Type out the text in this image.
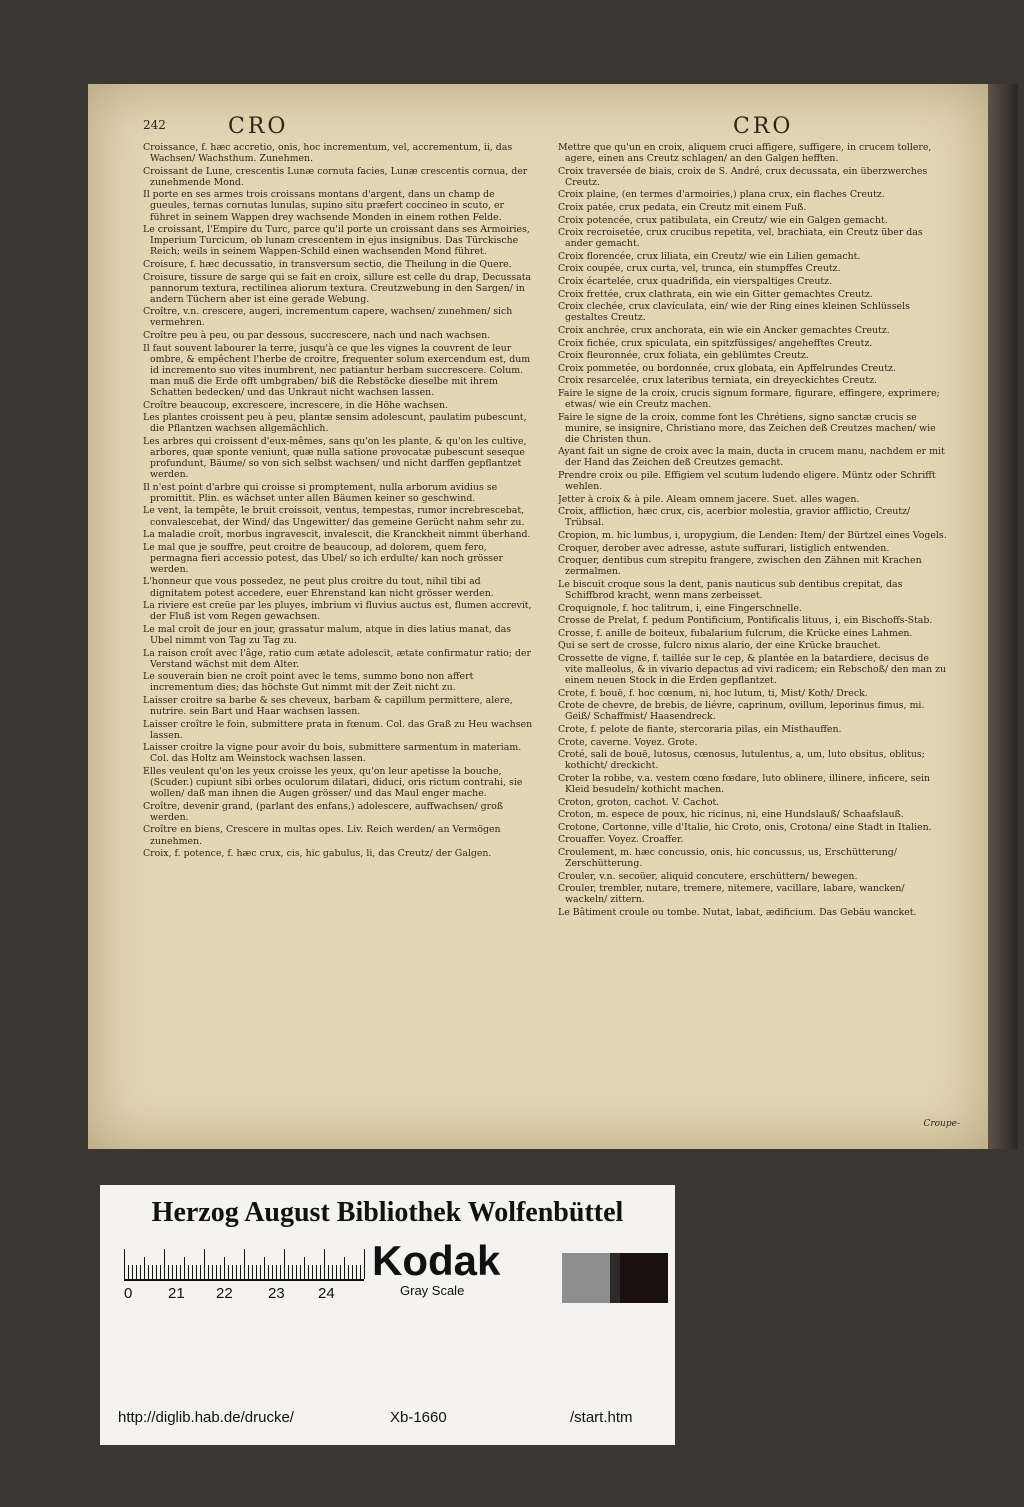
242	CRO	CRO

Croissance, f. hæc accretio, onis, hoc incrementum, vel, accrementum, ii, das Wachsen/ Wachsthum. Zunehmen.

Croissant de Lune, crescentis Lunæ cornuta facies, Lunæ crescentis cornua, der zunehmende Mond.

Il porte en ses armes trois croissans montans d'argent, dans un champ de gueules, ternas cornutas lunulas, supino situ præfert coccineo in scuto, er führet in seinem Wappen drey wachsende Monden in einem rothen Felde.

Le croissant, l'Empire du Turc, parce qu'il porte un croissant dans ses Armoiries, Imperium Turcicum, ob lunam crescentem in ejus insignibus. Das Türckische Reich; weils in seinem Wappen-Schild einen wachsenden Mond führet.

Croisure, f. hæc decussatio, in transversum sectio, die Theilung in die Quere.

Croisure, tissure de sarge qui se fait en croix, sillure est celle du drap, Decussata pannorum textura, rectilinea aliorum textura. Creutzwebung in den Sargen/ in andern Tüchern aber ist eine gerade Webung.

Croître, v.n. crescere, augeri, incrementum capere, wachsen/ zunehmen/ sich vermehren.

Croître peu à peu, ou par dessous, succrescere, nach und nach wachsen.

Il faut souvent labourer la terre, jusqu'à ce que les vignes la couvrent de leur ombre, & empêchent l'herbe de croitre, frequenter solum exercendum est, dum id incremento suo vites inumbrent, nec patiantur herbam succrescere. Colum. man muß die Erde offt umbgraben/ biß die Rebstöcke dieselbe mit ihrem Schatten bedecken/ und das Unkraut nicht wachsen lassen.

Croître beaucoup, excrescere, increscere, in die Höhe wachsen.

Les plantes croissent peu à peu, plantæ sensim adolescunt, paulatim pubescunt, die Pflantzen wachsen allgemächlich.

Les arbres qui croissent d'eux-mêmes, sans qu'on les plante, & qu'on les cultive, arbores, quæ sponte veniunt, quæ nulla satione provocatæ pubescunt seseque profundunt, Bäume/ so von sich selbst wachsen/ und nicht darffen gepflantzet werden.

Il n'est point d'arbre qui croisse si promptement, nulla arborum avidius se promittit. Plin. es wächset unter allen Bäumen keiner so geschwind.

Le vent, la tempête, le bruit croissoit, ventus, tempestas, rumor increbrescebat, convalescebat, der Wind/ das Ungewitter/ das gemeine Gerücht nahm sehr zu.

La maladie croît, morbus ingravescit, invalescit, die Kranckheit nimmt überhand.

Le mal que je souffre, peut croitre de beaucoup, ad dolorem, quem fero, permagna fieri accessio potest, das Ubel/ so ich erdulte/ kan noch grösser werden.

L'honneur que vous possedez, ne peut plus croitre du tout, nihil tibi ad dignitatem potest accedere, euer Ehrenstand kan nicht grösser werden.

La riviere est creüe par les pluyes, imbrium vi fluvius auctus est, flumen accrevit, der Fluß ist vom Regen gewachsen.

Le mal croît de jour en jour, grassatur malum, atque in dies latius manat, das Ubel nimmt von Tag zu Tag zu.

La raison croît avec l'âge, ratio cum ætate adolescit, ætate confirmatur ratio; der Verstand wächst mit dem Alter.

Le souverain bien ne croît point avec le tems, summo bono non affert incrementum dies; das höchste Gut nimmt mit der Zeit nicht zu.

Laisser croitre sa barbe & ses cheveux, barbam & capillum permittere, alere, nutrire. sein Bart und Haar wachsen lassen.

Laisser croître le foin, submittere prata in fœnum. Col. das Graß zu Heu wachsen lassen.

Laisser croitre la vigne pour avoir du bois, submittere sarmentum in materiam. Col. das Holtz am Weinstock wachsen lassen.

Elles veulent qu'on les yeux croisse les yeux, qu'on leur apetisse la bouche, (Scuder.) cupiunt sibi orbes oculorum dilatari, diduci, oris rictum contrahi, sie wollen/ daß man ihnen die Augen grösser/ und das Maul enger mache.

Croître, devenir grand, (parlant des enfans,) adolescere, auffwachsen/ groß werden.

Croître en biens, Crescere in multas opes. Liv. Reich werden/ an Vermögen zunehmen.

Croix, f. potence, f. hæc crux, cis, hic gabulus, li, das Creutz/ der Galgen.

Mettre que qu'un en croix, aliquem cruci affigere, suffigere, in crucem tollere, agere, einen ans Creutz schlagen/ an den Galgen hefften.

Croix traversée de biais, croix de S. André, crux decussata, ein überzwerches Creutz.

Croix plaine, (en termes d'armoiries,) plana crux, ein flaches Creutz.

Croix patée, crux pedata, ein Creutz mit einem Fuß.

Croix potencée, crux patibulata, ein Creutz/ wie ein Galgen gemacht.

Croix recroisetée, crux crucibus repetita, vel, brachiata, ein Creutz über das ander gemacht.

Croix florencée, crux liliata, ein Creutz/ wie ein Lilien gemacht.

Croix coupée, crux curta, vel, trunca, ein stumpffes Creutz.

Croix écartelée, crux quadrifida, ein vierspaltiges Creutz.

Croix frettée, crux clathrata, ein wie ein Gitter gemachtes Creutz.

Croix clechée, crux clavículata, ein/ wie der Ring eines kleinen Schlüssels gestaltes Creutz.

Croix anchrée, crux anchorata, ein wie ein Ancker gemachtes Creutz.

Croix fichée, crux spiculata, ein spitzfüssiges/ angehefftes Creutz.

Croix fleuronnée, crux foliata, ein geblümtes Creutz.

Croix pommetée, ou bordonnée, crux globata, ein Apffelrundes Creutz.

Croix resarcelée, crux lateribus terniata, ein dreyeckichtes Creutz.

Faire le signe de la croix, crucis signum formare, figurare, effingere, exprimere; etwas/ wie ein Creutz machen.

Faire le signe de la croix, comme font les Chrétiens, signo sanctæ crucis se munire, se insignire, Christiano more, das Zeichen deß Creutzes machen/ wie die Christen thun.

Ayant fait un signe de croix avec la main, ducta in crucem manu, nachdem er mit der Hand das Zeichen deß Creutzes gemacht.

Prendre croix ou pile. Effigiem vel scutum ludendo eligere. Müntz oder Schrifft wehlen.

Jetter à croix & à pile. Aleam omnem jacere. Suet. alles wagen.

Croix, affliction, hæc crux, cis, acerbior molestia, gravior afflictio, Creutz/ Trübsal.

Cropion, m. hic lumbus, i, uropygium, die Lenden: Item/ der Bürtzel eines Vogels.

Croquer, derober avec adresse, astute suffurari, listiglich entwenden.

Croquer, dentibus cum strepitu frangere, zwischen den Zähnen mit Krachen zermalmen.

Le biscuit croque sous la dent, panis nauticus sub dentibus crepitat, das Schiffbrod kracht, wenn mans zerbeisset.

Croquignole, f. hoc talitrum, i, eine Fingerschnelle.

Crosse de Prelat, f. pedum Pontificium, Pontificalis lituus, i, ein Bischoffs-Stab.

Crosse, f. anille de boiteux, fubalarium fulcrum, die Krücke eines Lahmen.

Qui se sert de crosse, fulcro nixus alario, der eine Krücke brauchet.

Crossette de vigne, f. taillée sur le cep, & plantée en la batardiere, decisus de vite malleolus, & in vivario depactus ad vivi radicem; ein Rebschoß/ den man zu einem neuen Stock in die Erden gepflantzet.

Crote, f. bouë, f. hoc cœnum, ni, hoc lutum, ti, Mist/ Koth/ Dreck.

Crote de chevre, de brebis, de liévre, caprinum, ovillum, leporinus fimus, mi. Geiß/ Schaffmist/ Haasendreck.

Crote, f. pelote de fiante, stercoraria pilas, ein Misthauffen.

Crote, caverne. Voyez. Grote.

Croté, sali de bouë, lutosus, cœnosus, lutulentus, a, um, luto obsitus, oblitus; kothicht/ dreckicht.

Croter la robbe, v.a. vestem cœno fœdare, luto oblinere, illinere, inficere, sein Kleid besudeln/ kothicht machen.

Croton, groton, cachot. V. Cachot.

Croton, m. espece de poux, hic ricinus, ni, eine Hundslauß/ Schaafslauß.

Crotone, Cortonne, ville d'Italie, hic Croto, onis, Crotona/ eine Stadt in Italien.

Crouaffer. Voyez. Croaffer.

Croulement, m. hæc concussio, onis, hic concussus, us, Erschütterung/ Zerschütterung.

Crouler, v.n. secoüer, aliquid concutere, erschüttern/ bewegen.

Crouler, trembler, nutare, tremere, nitemere, vacillare, labare, wancken/ wackeln/ zittern.

Le Bâtiment croule ou tombe. Nutat, labat, ædificium. Das Gebäu wancket.

Croupe-
Herzog August Bibliothek Wolfenbüttel
0 21 22 23 24
Kodak
Gray Scale
http://diglib.hab.de/drucke/	Xb-1660	/start.htm
